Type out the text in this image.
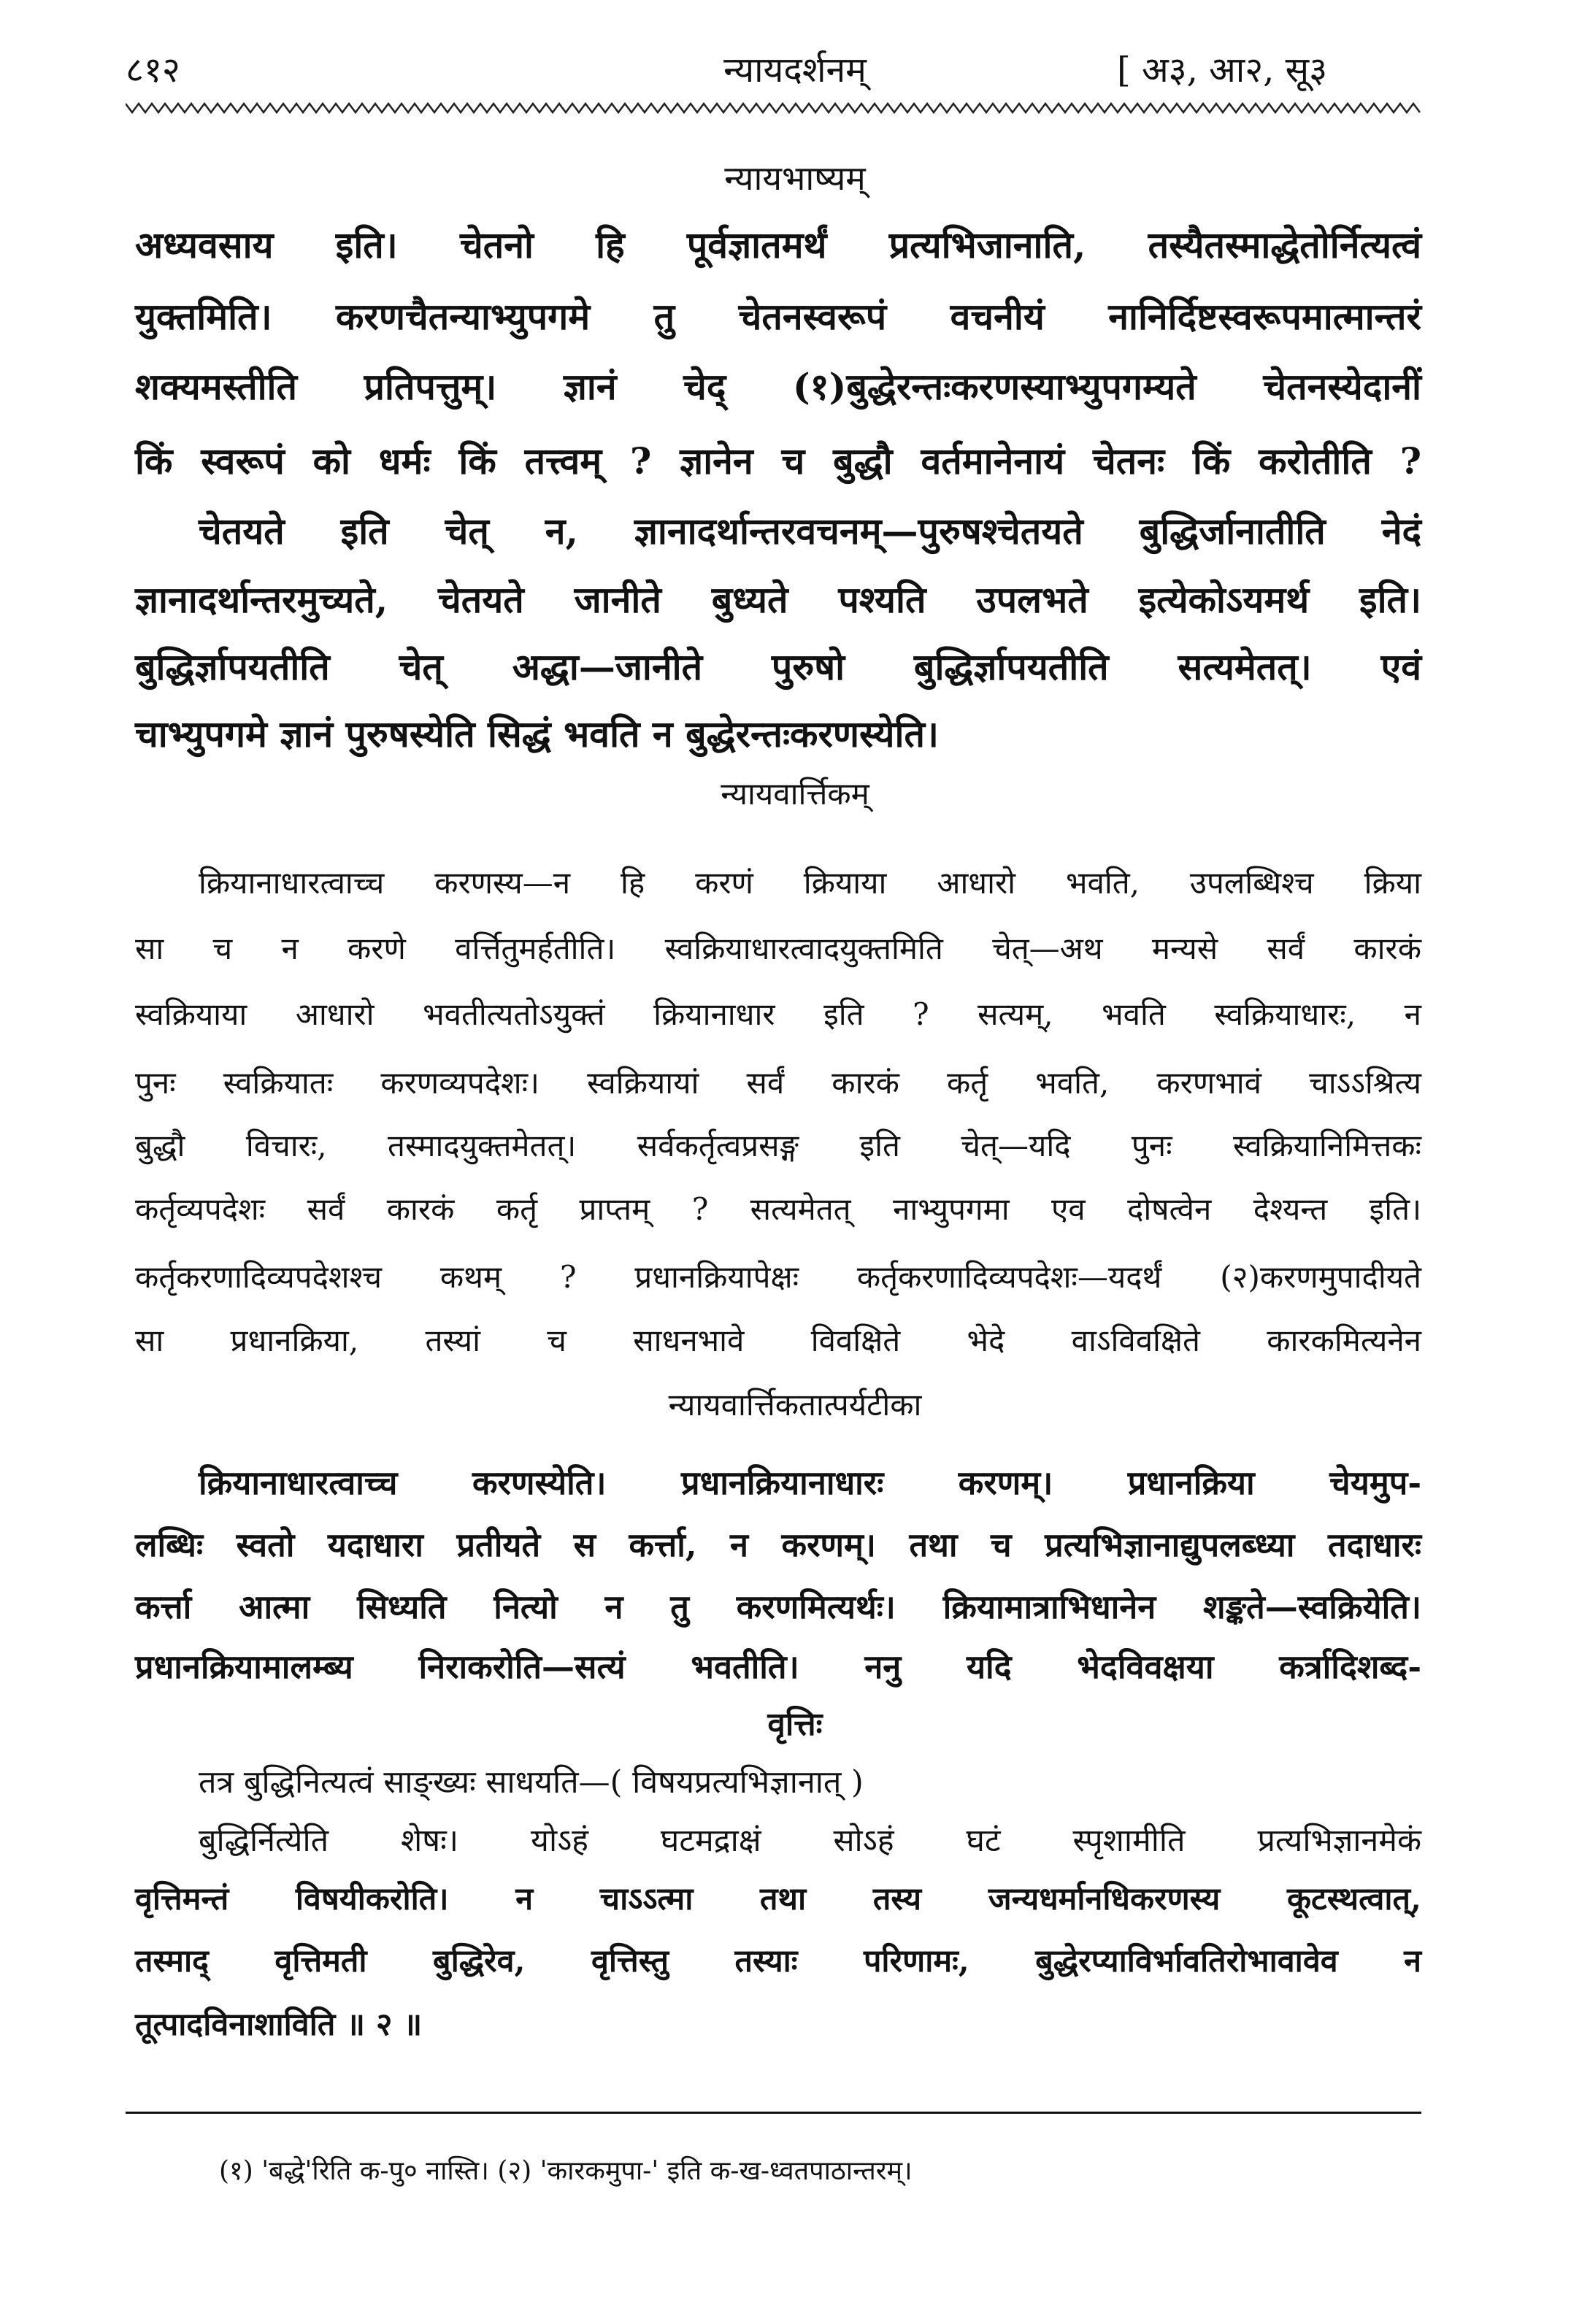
८१२	न्यायदर्शनम्	[ अ३, आ२, सू३
न्यायभाष्यम्
अध्यवसाय इति। चेतनो हि पूर्वज्ञातमर्थं प्रत्यभिजानाति, तस्यैतस्माद्धेतोर्नित्यत्वं
युक्तमिति। करणचैतन्याभ्युपगमे तु चेतनस्वरूपं वचनीयं नानिर्दिष्टस्वरूपमात्मान्तरं
शक्यमस्तीति प्रतिपत्तुम्। ज्ञानं चेद् (१)बुद्धेरन्तःकरणस्याभ्युपगम्यते चेतनस्येदानीं
किं स्वरूपं को धर्मः किं तत्त्वम् ? ज्ञानेन च बुद्धौ वर्तमानेनायं चेतनः किं करोतीति ?
चेतयते इति चेत् न, ज्ञानादर्थान्तरवचनम्—पुरुषश्चेतयते बुद्धिर्जानातीति नेदं
ज्ञानादर्थान्तरमुच्यते, चेतयते जानीते बुध्यते पश्यति उपलभते इत्येकोऽयमर्थ इति।
बुद्धिर्ज्ञापयतीति चेत् अद्धा—जानीते पुरुषो बुद्धिर्ज्ञापयतीति सत्यमेतत्। एवं
चाभ्युपगमे ज्ञानं पुरुषस्येति सिद्धं भवति न बुद्धेरन्तःकरणस्येति।
न्यायवार्त्तिकम्
क्रियानाधारत्वाच्च करणस्य—न हि करणं क्रियाया आधारो भवति, उपलब्धिश्च क्रिया
सा च न करणे वर्त्तितुमर्हतीति। स्वक्रियाधारत्वादयुक्तमिति चेत्—अथ मन्यसे सर्वं कारकं
स्वक्रियाया आधारो भवतीत्यतोऽयुक्तं क्रियानाधार इति ? सत्यम्, भवति स्वक्रियाधारः, न
पुनः स्वक्रियातः करणव्यपदेशः। स्वक्रियायां सर्वं कारकं कर्तृ भवति, करणभावं चाऽऽश्रित्य
बुद्धौ विचारः, तस्मादयुक्तमेतत्। सर्वकर्तृत्वप्रसङ्ग इति चेत्—यदि पुनः स्वक्रियानिमित्तकः
कर्तृव्यपदेशः सर्वं कारकं कर्तृ प्राप्तम् ? सत्यमेतत् नाभ्युपगमा एव दोषत्वेन देश्यन्त इति।
कर्तृकरणादिव्यपदेशश्च कथम् ? प्रधानक्रियापेक्षः कर्तृकरणादिव्यपदेशः—यदर्थं (२)करणमुपादीयते
सा प्रधानक्रिया, तस्यां च साधनभावे विवक्षिते भेदे वाऽविवक्षिते कारकमित्यनेन
न्यायवार्त्तिकतात्पर्यटीका
क्रियानाधारत्वाच्च करणस्येति। प्रधानक्रियानाधारः करणम्। प्रधानक्रिया चेयमुप-
लब्धिः स्वतो यदाधारा प्रतीयते स कर्त्ता, न करणम्। तथा च प्रत्यभिज्ञानाद्युपलब्ध्या तदाधारः
कर्त्ता आत्मा सिध्यति नित्यो न तु करणमित्यर्थः। क्रियामात्राभिधानेन शङ्कते—स्वक्रियेति।
प्रधानक्रियामालम्ब्य निराकरोति—सत्यं भवतीति। ननु यदि भेदविवक्षया कर्त्रादिशब्द-
वृत्तिः
तत्र बुद्धिनित्यत्वं साङ्ख्यः साधयति—( विषयप्रत्यभिज्ञानात् )
बुद्धिर्नित्येति शेषः। योऽहं घटमद्राक्षं सोऽहं घटं स्पृशामीति प्रत्यभिज्ञानमेकं
वृत्तिमन्तं विषयीकरोति। न चाऽऽत्मा तथा तस्य जन्यधर्मानधिकरणस्य कूटस्थत्वात्,
तस्माद् वृत्तिमती बुद्धिरेव, वृत्तिस्तु तस्याः परिणामः, बुद्धेरप्याविर्भावतिरोभावावेव न
तूत्पादविनाशाविति ॥ २ ॥
(१) 'बद्धे'रिति क-पु० नास्ति। (२) 'कारकमुपा-' इति क-ख-ध्वतपाठान्तरम्।
